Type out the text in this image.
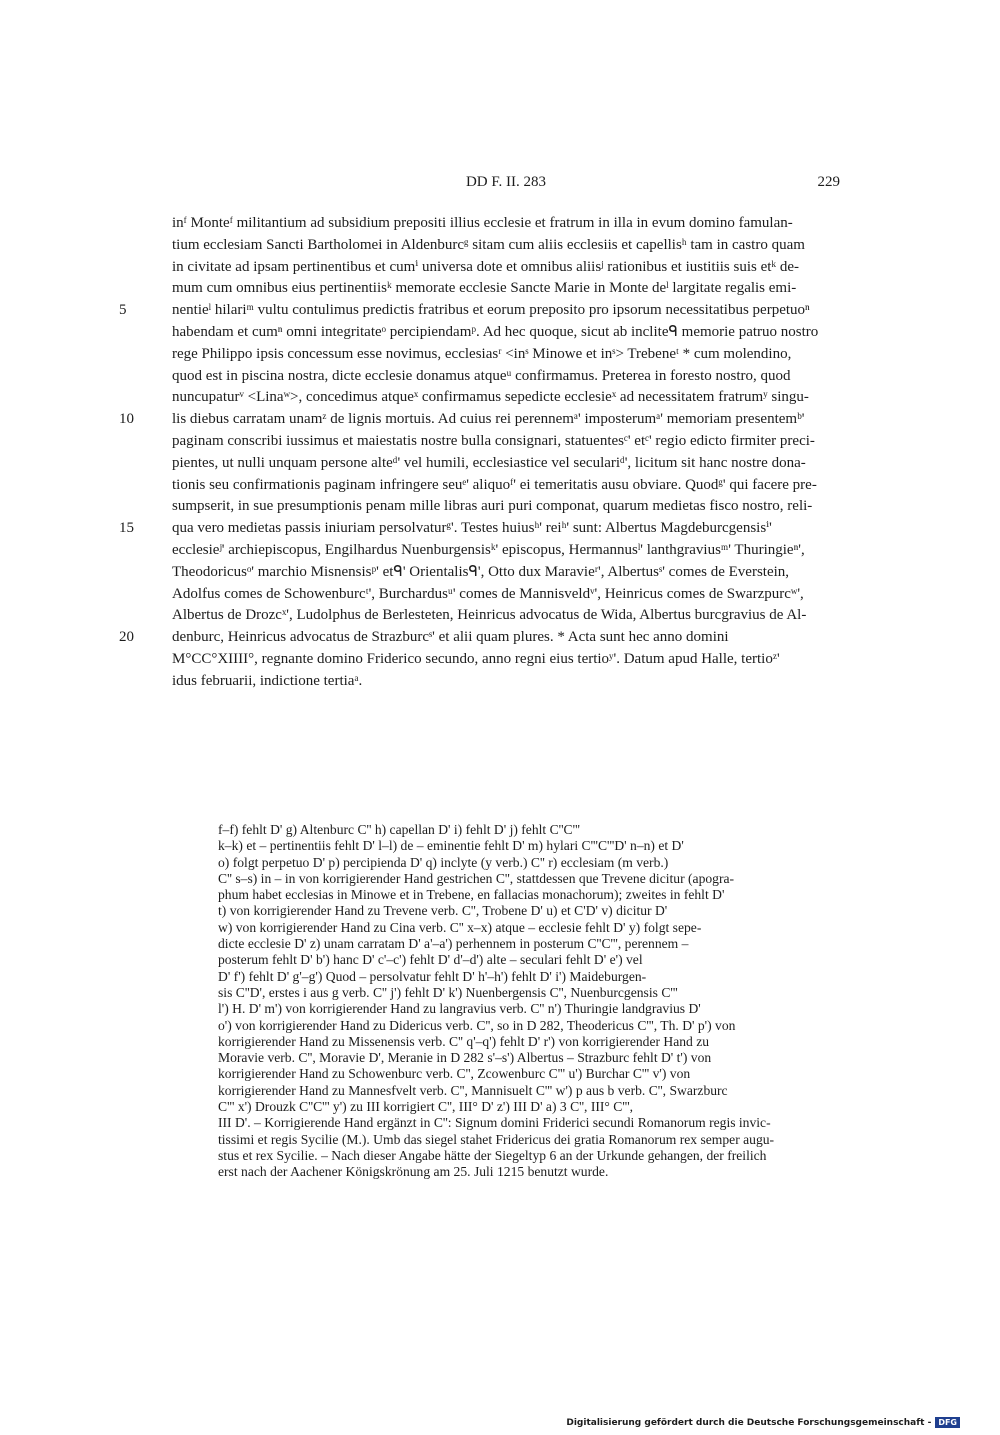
DD F. II. 283	229
inᶠ Monteᶠ militantium ad subsidium prepositi illius ecclesie et fratrum in illa in evum domino famulan-
tium ecclesiam Sancti Bartholomei in Aldenburcᵍ sitam cum aliis ecclesiis et capellisʰ tam in castro quam
in civitate ad ipsam pertinentibus et cumⁱ universa dote et omnibus aliisʲ rationibus et iustitiis suis etᵏ de-
mum cum omnibus eius pertinentiisᵏ memorate ecclesie Sancte Marie in Monte deˡ largitate regalis emi-
5	nentieˡ hilariᵐ vultu contulimus predictis fratribus et eorum preposito pro ipsorum necessitatibus perpetuoⁿ
habendam et cumⁿ omni integritateᵒ percipiendamᵖ. Ad hec quoque, sicut ab incliteᑫ memorie patruo nostro
rege Philippo ipsis concessum esse novimus, ecclesiasʳ <inˢ Minowe et inˢ> Trebeneᵗ * cum molendino,
quod est in piscina nostra, dicte ecclesie donamus atqueᵘ confirmamus. Preterea in foresto nostro, quod
nuncupaturᵛ <Linaʷ>, concedimus atqueˣ confirmamus sepedicte ecclesieˣ ad necessitatem fratrumʸ singu-
10	lis diebus carratam unamᶻ de lignis mortuis. Ad cuius rei perennemᵃ' imposterumᵃ' memoriam presentemᵇ'
paginam conscribi iussimus et maiestatis nostre bulla consignari, statuentesᶜ' etᶜ' regio edicto firmiter preci-
pientes, ut nulli unquam persone alteᵈ' vel humili, ecclesiastice vel seculariᵈ', licitum sit hanc nostre dona-
tionis seu confirmationis paginam infringere seuᵉ' aliquoᶠ' ei temeritatis ausu obviare. Quodᵍ' qui facere pre-
sumpserit, in sue presumptionis penam mille libras auri puri componat, quarum medietas fisco nostro, reli-
15	qua vero medietas passis iniuriam persolvaturᵍ'. Testes huiusʰ' reiʰ' sunt: Albertus Magdeburcgensisⁱ'
ecclesieʲ' archiepiscopus, Engilhardus Nuenburgensisᵏ' episcopus, Hermannusˡ' lanthgraviusᵐ' Thuringieⁿ',
Theodoricusᵒ' marchio Misnensisᵖ' etᑫ' Orientalisᑫ', Otto dux Maravieʳ', Albertusˢ' comes de Everstein,
Adolfus comes de Schowenburcᵗ', Burchardusᵘ' comes de Mannisveldᵛ', Heinricus comes de Swarzpurcʷ',
Albertus de Drozcˣ', Ludolphus de Berlesteten, Heinricus advocatus de Wida, Albertus burcgravius de Al-
20	denburc, Heinricus advocatus de Strazburcˢ' et alii quam plures. * Acta sunt hec anno domini
M°CC°XIIII°, regnante domino Friderico secundo, anno regni eius tertioʸ'. Datum apud Halle, tertioᶻ'
idus februarii, indictione tertiaᵃ.
f–f) fehlt D' g) Altenburc C'' h) capellan D' i) fehlt D' j) fehlt C''C'''k–k) et – pertinentiis fehlt D' l–l) de – eminentie fehlt D' m) hylari C'''C'''D' n–n) et D'o) folgt perpetuo D' p) percipienda D' q) inclyte (y verb.) C'' r) ecclesiam (m verb.)C'' s–s) in – in von korrigierender Hand gestrichen C'', stattdessen que Trevene dicitur (apogra-phum habet ecclesias in Minowe et in Trebene, en fallacias monachorum); zweites in fehlt D't) von korrigierender Hand zu Trevene verb. C'', Trobene D' u) et C'D' v) dicitur D'w) von korrigierender Hand zu Cina verb. C'' x–x) atque – ecclesie fehlt D' y) folgt sepe-dicte ecclesie D' z) unam carratam D' a'–a') perhennem in posterum C''C''', perennem –posterum fehlt D' b') hanc D' c'–c') fehlt D' d'–d') alte – seculari fehlt D' e') velD' f') fehlt D' g'–g') Quod – persolvatur fehlt D' h'–h') fehlt D' i') Maideburgen-sis C''D', erstes i aus g verb. C'' j') fehlt D' k') Nuenbergensis C'', Nuenburcgensis C'''l') H. D' m') von korrigierender Hand zu langravius verb. C'' n') Thuringie landgravius D'o') von korrigierender Hand zu Didericus verb. C'', so in D 282, Theodericus C''', Th. D' p') vonkorrigierender Hand zu Missenensis verb. C'' q'–q') fehlt D' r') von korrigierender Hand zuMoravie verb. C'', Moravie D', Meranie in D 282 s'–s') Albertus – Strazburc fehlt D' t') vonkorrigierender Hand zu Schowenburc verb. C'', Zcowenburc C''' u') Burchar C''' v') vonkorrigierender Hand zu Mannesfvelt verb. C'', Mannisuelt C''' w') p aus b verb. C'', SwarzburcC''' x') Drouzk C''C''' y') zu III korrigiert C'', III° D' z') III D' a) 3 C'', III° C''',III D'. – Korrigierende Hand ergänzt in C'': Signum domini Friderici secundi Romanorum regis invic-tissimi et regis Sycilie (M.). Umb das siegel stahet Fridericus dei gratia Romanorum rex semper augu-stus et rex Sycilie. – Nach dieser Angabe hätte der Siegeltyp 6 an der Urkunde gehangen, der freilicherst nach der Aachener Königskrönung am 25. Juli 1215 benutzt wurde.
Digitalisierung gefördert durch die Deutsche Forschungsgemeinschaft - DFG
